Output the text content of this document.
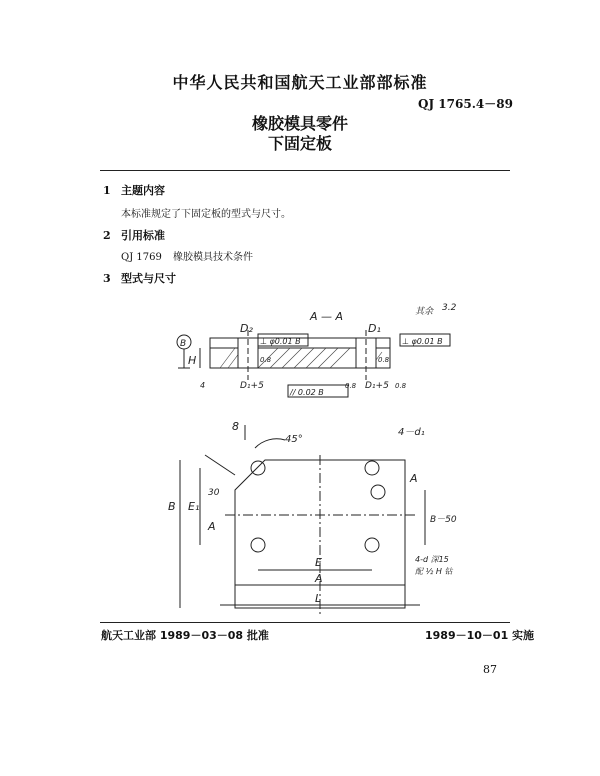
中华人民共和国航天工业部部标准
QJ 1765.4－89
橡胶模具零件
下固定板
1 主题内容
本标准规定了下固定板的型式与尺寸。
2 引用标准
QJ 1769 橡胶模具技术条件
3 型式与尺寸
A — A	其余 3.2
D₂	D₁
⊥ φ0.01 B	⊥ φ0.01 B
// 0.02 B
D₁+5	D₁+5
B
H
4
0.8	0.8
0.8	0.8
8
45°
4－d₁
B E₁
30
A
A	B－50
E
A
L
4-d 深15
配 ½ H 钻
航天工业部 1989－03－08 批准	1989－10－01 实施
87
